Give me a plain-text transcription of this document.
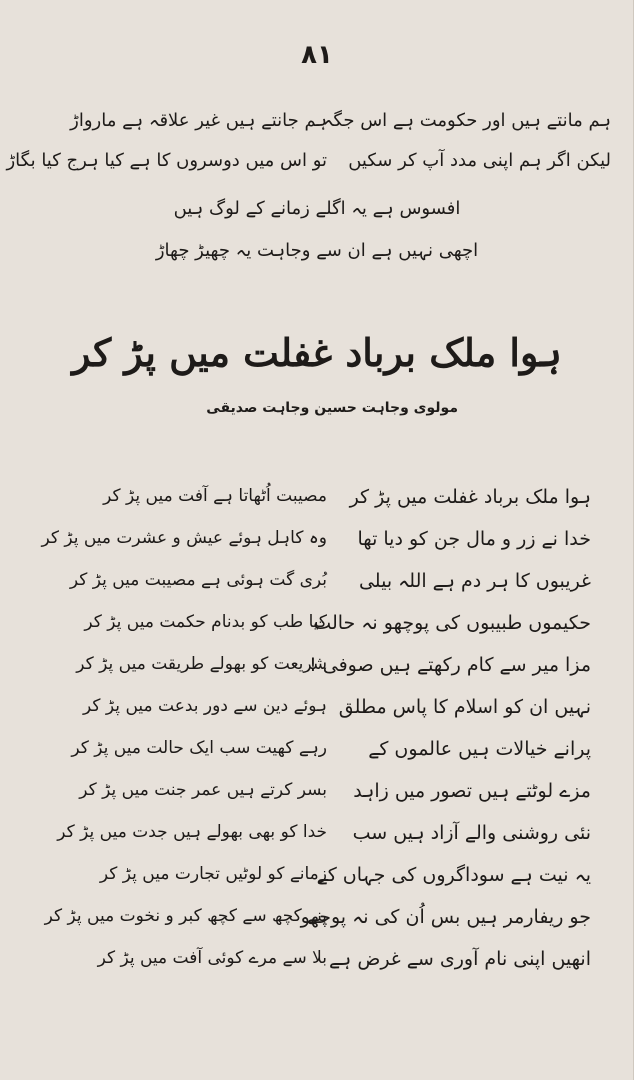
۸۱
ہم مانتے ہیں اور حکومت ہے اس جگہ
ہم جانتے ہیں غیر علاقہ ہے مارواڑ
لیکن اگر ہم اپنی مدد آپ کر سکیں
تو اس میں دوسروں کا ہے کیا ہرج کیا بگاڑ
افسوس ہے یہ اگلے زمانے کے لوگ ہیں
اچھی نہیں ہے ان سے وجاہت یہ چھیڑ چھاڑ
ہوا ملک برباد غفلت میں پڑ کر
مولوی وجاہت حسین وجاہت صدیقی
ہوا ملک برباد غفلت میں پڑ کر
خدا نے زر و مال جن کو دیا تھا
غریبوں کا ہر دم ہے اللہ بیلی
حکیموں طبیبوں کی پوچھو نہ حالت
مزا میر سے کام رکھتے ہیں صوفی !
نہیں ان کو اسلام کا پاس مطلق
پرانے خیالات ہیں عالموں کے
مزے لوٹتے ہیں تصور میں زاہد
نئی روشنی والے آزاد ہیں سب
یہ نیت ہے سوداگروں کی جہاں کے
جو ریفارمر ہیں بس اُن کی نہ پوچھو
انھیں اپنی نام آوری سے غرض ہے
مصیبت اُٹھاتا ہے آفت میں پڑ کر
وہ کاہل ہوئے عیش و عشرت میں پڑ کر
بُری گت ہوئی ہے مصیبت میں پڑ کر
کیا طب کو بدنام حکمت میں پڑ کر
شریعت کو بھولے طریقت میں پڑ کر
ہوئے دین سے دور بدعت میں پڑ کر
رہے کھیت سب ایک حالت میں پڑ کر
بسر کرتے ہیں عمر جنت میں پڑ کر
خدا کو بھی بھولے ہیں جدت میں پڑ کر
زمانے کو لوٹیں تجارت میں پڑ کر
بنے کچھ سے کچھ کبر و نخوت میں پڑ کر
بلا سے مرے کوئی آفت میں پڑ کر
